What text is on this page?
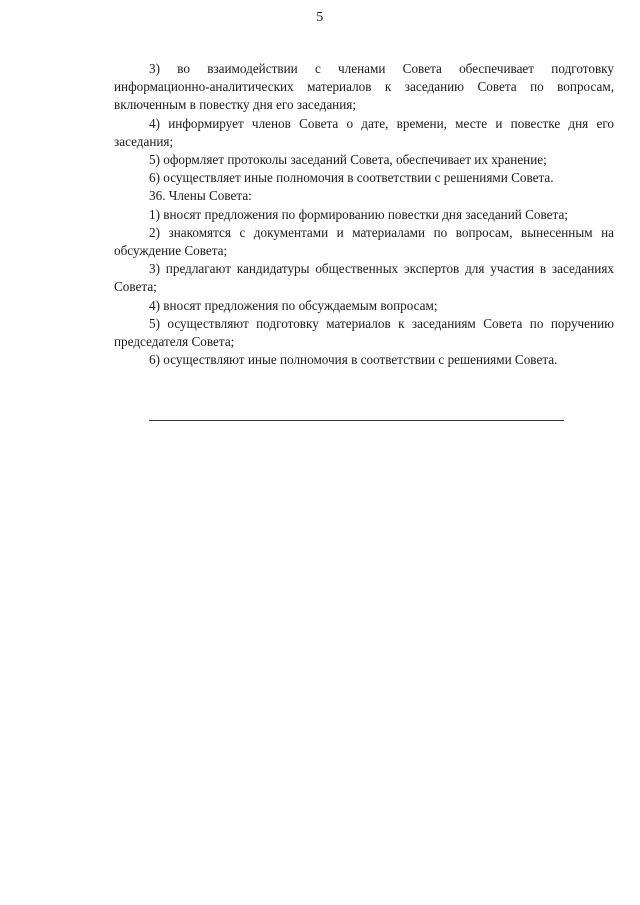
5

3) во взаимодействии с членами Совета обеспечивает подготовку информационно-аналитических материалов к заседанию Совета по вопросам, включенным в повестку дня его заседания;

4) информирует членов Совета о дате, времени, месте и повестке дня его заседания;

5) оформляет протоколы заседаний Совета, обеспечивает их хранение;

6) осуществляет иные полномочия в соответствии с решениями Совета.

36. Члены Совета:

1) вносят предложения по формированию повестки дня заседаний Совета;

2) знакомятся с документами и материалами по вопросам, вынесенным на обсуждение Совета;

3) предлагают кандидатуры общественных экспертов для участия в заседаниях Совета;

4) вносят предложения по обсуждаемым вопросам;

5) осуществляют подготовку материалов к заседаниям Совета по поручению председателя Совета;

6) осуществляют иные полномочия в соответствии с решениями Совета.
